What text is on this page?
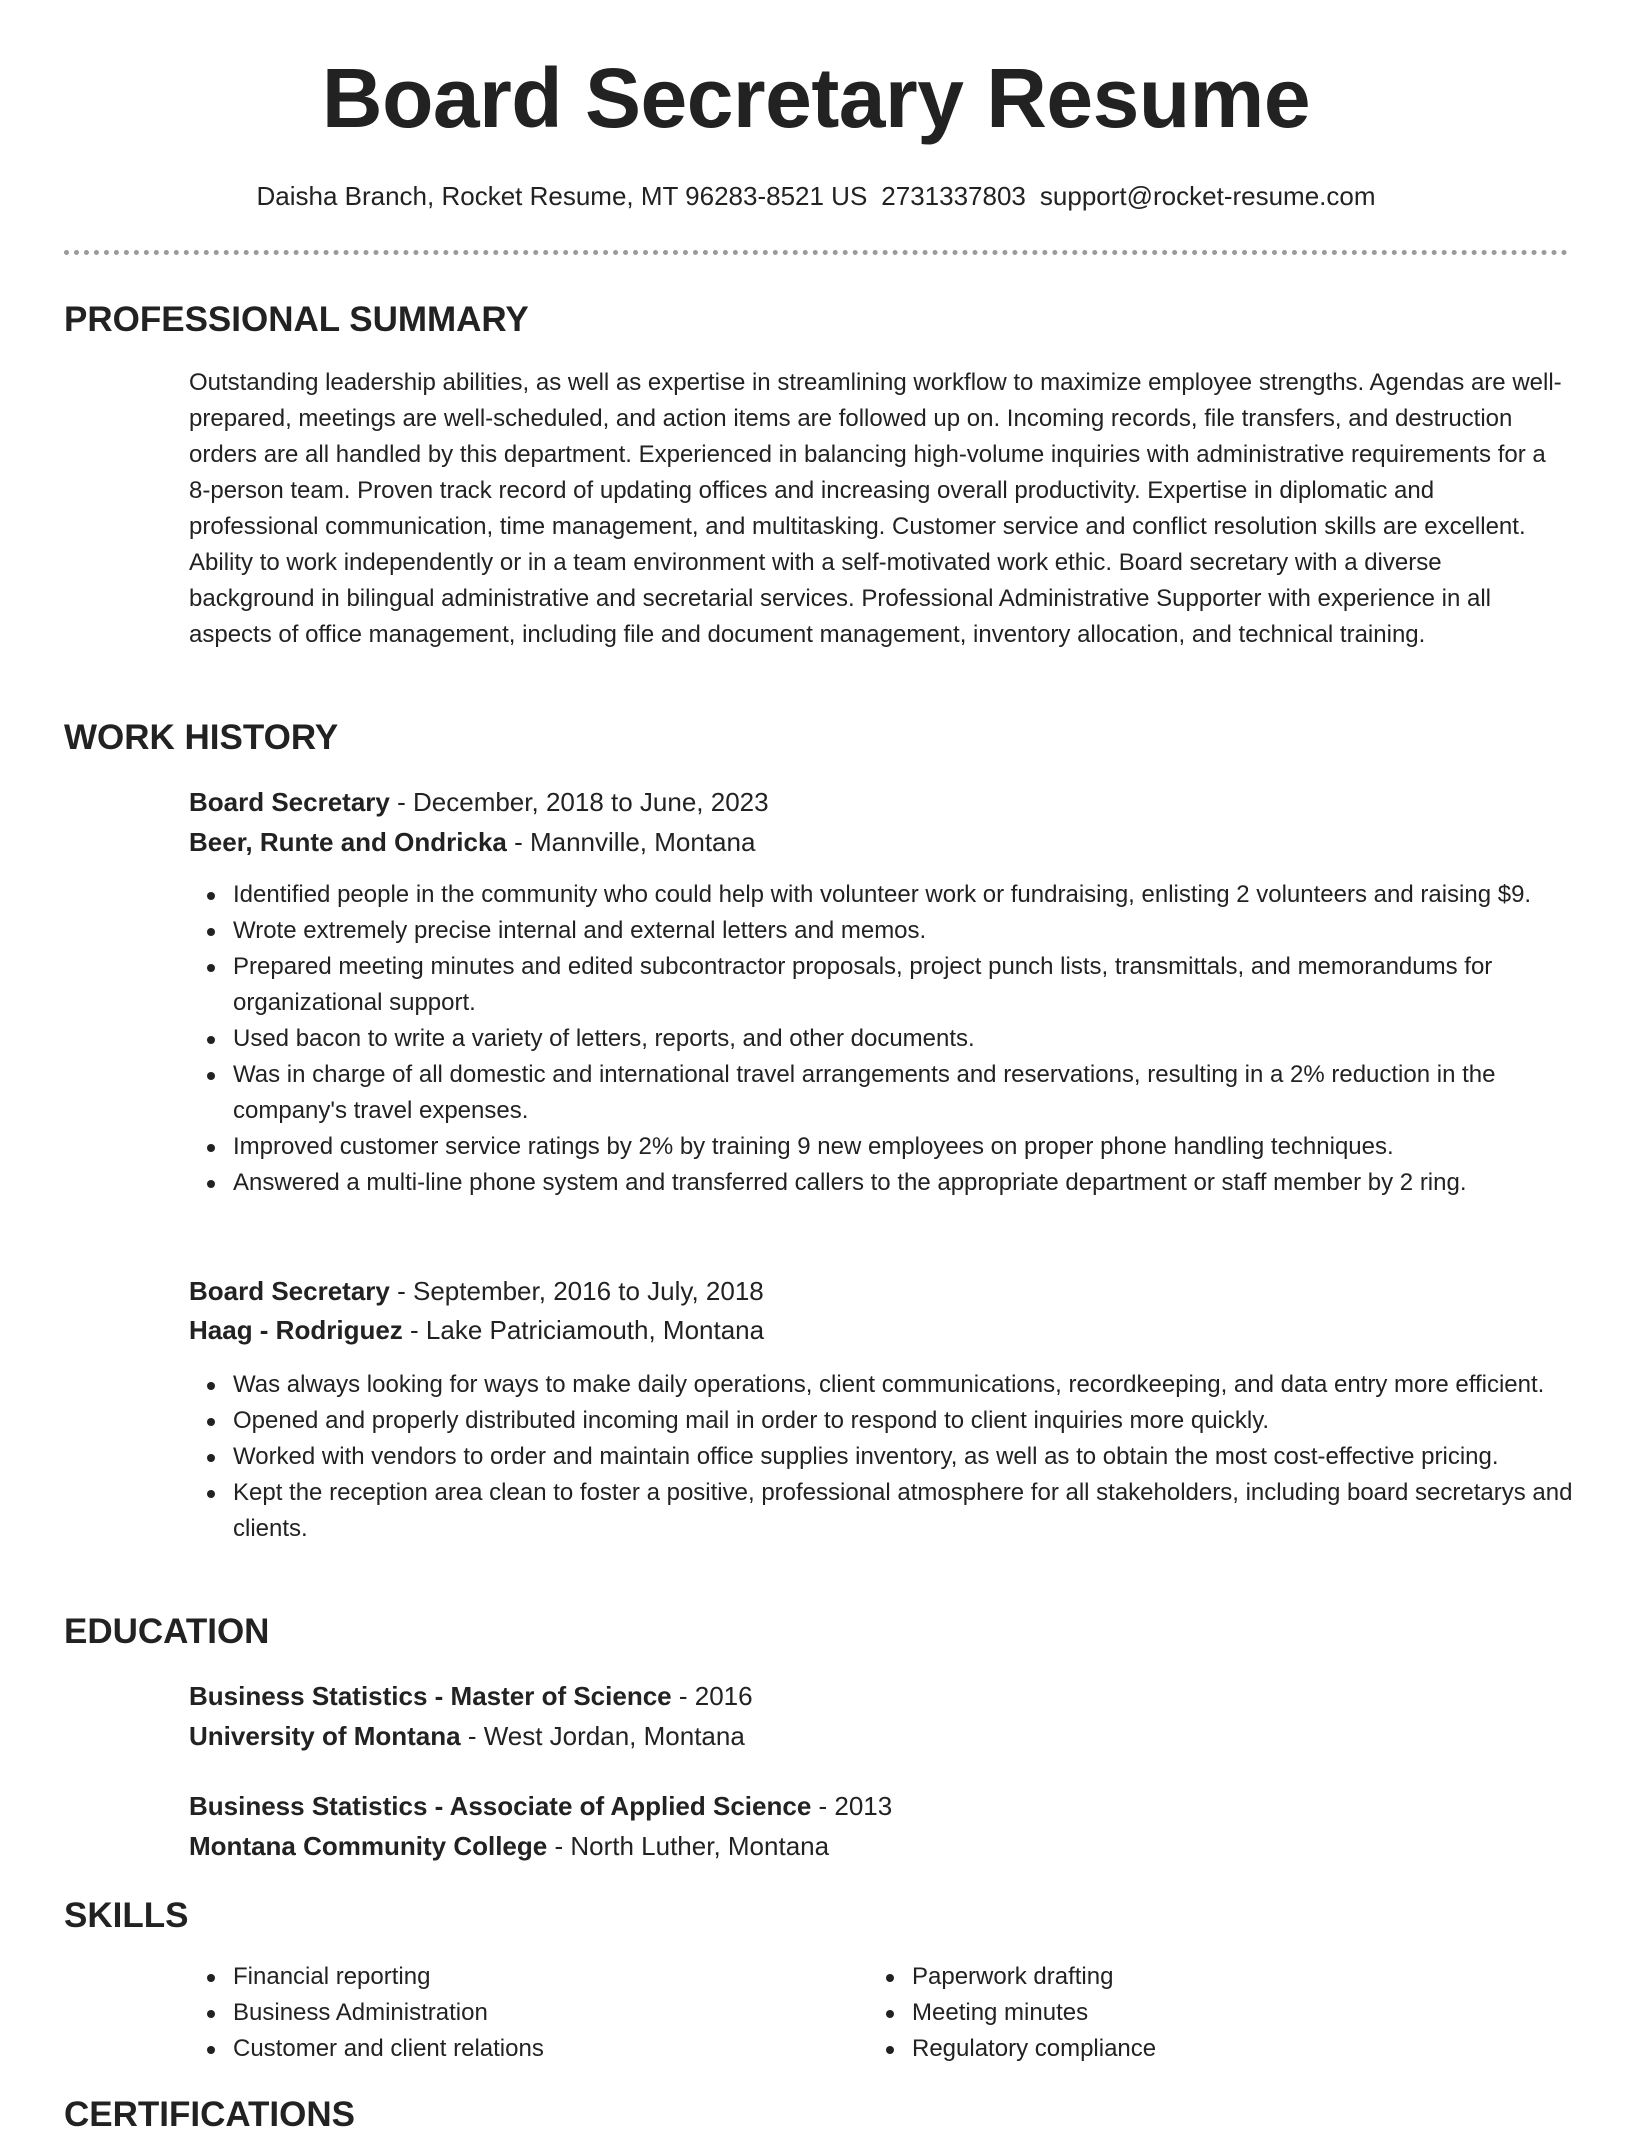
Board Secretary Resume
Daisha Branch, Rocket Resume, MT 96283-8521 US 2731337803 support@rocket-resume.com
PROFESSIONAL SUMMARY
Outstanding leadership abilities, as well as expertise in streamlining workflow to maximize employee strengths. Agendas are well-prepared, meetings are well-scheduled, and action items are followed up on. Incoming records, file transfers, and destruction orders are all handled by this department. Experienced in balancing high-volume inquiries with administrative requirements for a 8-person team. Proven track record of updating offices and increasing overall productivity. Expertise in diplomatic and professional communication, time management, and multitasking. Customer service and conflict resolution skills are excellent. Ability to work independently or in a team environment with a self-motivated work ethic. Board secretary with a diverse background in bilingual administrative and secretarial services. Professional Administrative Supporter with experience in all aspects of office management, including file and document management, inventory allocation, and technical training.
WORK HISTORY
Board Secretary - December, 2018 to June, 2023
Beer, Runte and Ondricka - Mannville, Montana
Identified people in the community who could help with volunteer work or fundraising, enlisting 2 volunteers and raising $9.
Wrote extremely precise internal and external letters and memos.
Prepared meeting minutes and edited subcontractor proposals, project punch lists, transmittals, and memorandums for organizational support.
Used bacon to write a variety of letters, reports, and other documents.
Was in charge of all domestic and international travel arrangements and reservations, resulting in a 2% reduction in the company's travel expenses.
Improved customer service ratings by 2% by training 9 new employees on proper phone handling techniques.
Answered a multi-line phone system and transferred callers to the appropriate department or staff member by 2 ring.
Board Secretary - September, 2016 to July, 2018
Haag - Rodriguez - Lake Patriciamouth, Montana
Was always looking for ways to make daily operations, client communications, recordkeeping, and data entry more efficient.
Opened and properly distributed incoming mail in order to respond to client inquiries more quickly.
Worked with vendors to order and maintain office supplies inventory, as well as to obtain the most cost-effective pricing.
Kept the reception area clean to foster a positive, professional atmosphere for all stakeholders, including board secretarys and clients.
EDUCATION
Business Statistics - Master of Science - 2016
University of Montana - West Jordan, Montana
Business Statistics - Associate of Applied Science - 2013
Montana Community College - North Luther, Montana
SKILLS
Financial reporting
Business Administration
Customer and client relations
Paperwork drafting
Meeting minutes
Regulatory compliance
CERTIFICATIONS
